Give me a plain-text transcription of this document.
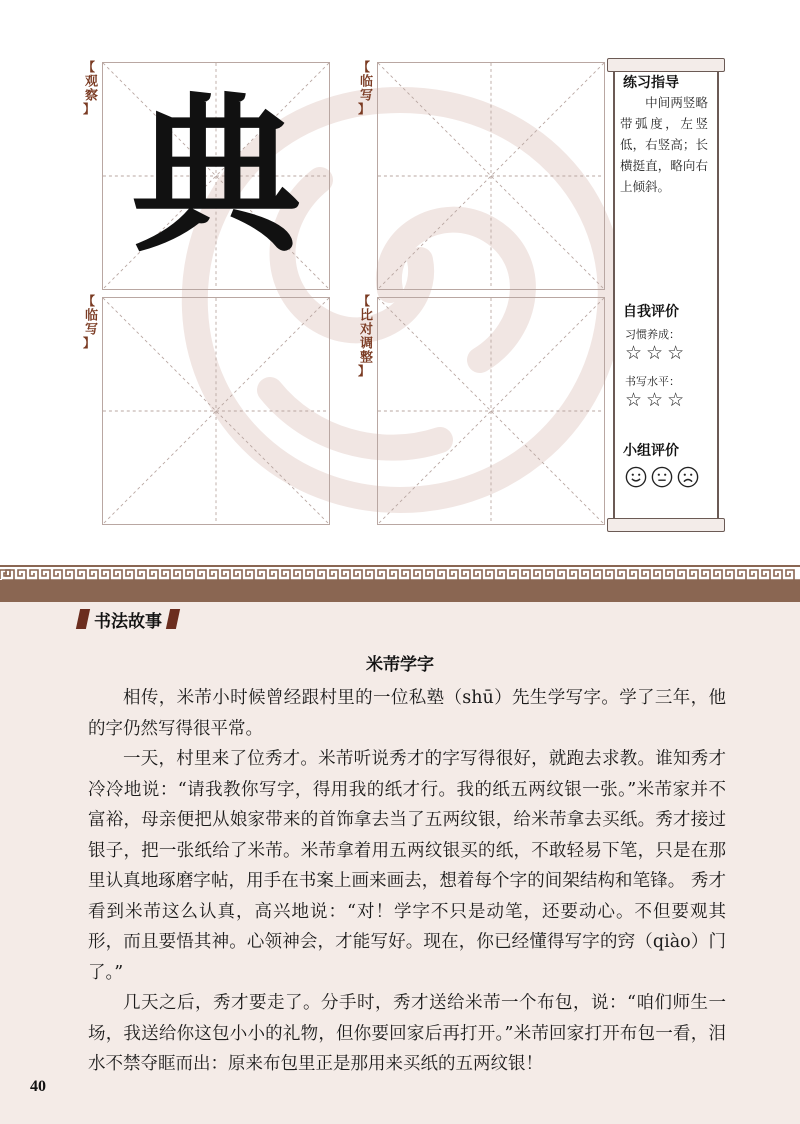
【
观察
】
【
临写
】
【
临写
】
【
比对调整
】
典	练习指导
　　中间两竖略带弧度，左竖低，右竖高；长横挺直，略向右上倾斜。
自我评价
习惯养成：
☆☆☆
书写水平：
☆☆☆
小组评价
书法故事
米芾学字

相传，米芾小时候曾经跟村里的一位私塾（shū）先生学写字。学了三年，他的字仍然写得很平常。

一天，村里来了位秀才。米芾听说秀才的字写得很好，就跑去求教。谁知秀才冷冷地说：“请我教你写字，得用我的纸才行。我的纸五两纹银一张。”米芾家并不富裕，母亲便把从娘家带来的首饰拿去当了五两纹银，给米芾拿去买纸。秀才接过银子，把一张纸给了米芾。米芾拿着用五两纹银买的纸，不敢轻易下笔，只是在那里认真地琢磨字帖，用手在书案上画来画去，想着每个字的间架结构和笔锋。 秀才看到米芾这么认真，高兴地说：“对！学字不只是动笔，还要动心。不但要观其形，而且要悟其神。心领神会，才能写好。现在，你已经懂得写字的窍（qiào）门了。”

几天之后，秀才要走了。分手时，秀才送给米芾一个布包，说：“咱们师生一场，我送给你这包小小的礼物，但你要回家后再打开。”米芾回家打开布包一看，泪水不禁夺眶而出：原来布包里正是那用来买纸的五两纹银！

40
